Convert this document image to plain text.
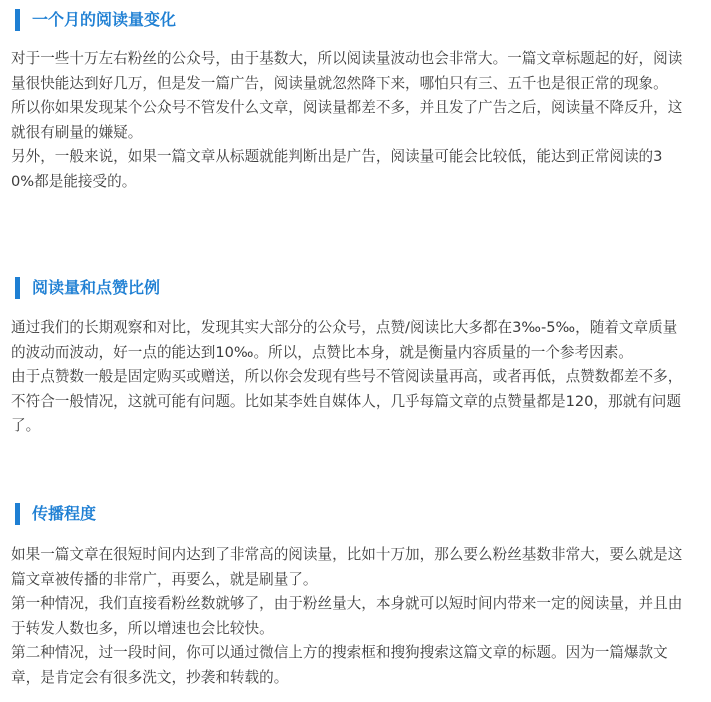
一个月的阅读量变化

对于一些十万左右粉丝的公众号，由于基数大，所以阅读量波动也会非常大。一篇文章标题起的好，阅读量很快能达到好几万，但是发一篇广告，阅读量就忽然降下来，哪怕只有三、五千也是很正常的现象。

所以你如果发现某个公众号不管发什么文章，阅读量都差不多，并且发了广告之后，阅读量不降反升，这就很有刷量的嫌疑。

另外，一般来说，如果一篇文章从标题就能判断出是广告，阅读量可能会比较低，能达到正常阅读的30%都是能接受的。

阅读量和点赞比例

通过我们的长期观察和对比，发现其实大部分的公众号，点赞/阅读比大多都在3‰-5‰，随着文章质量的波动而波动，好一点的能达到10‰。所以，点赞比本身，就是衡量内容质量的一个参考因素。

由于点赞数一般是固定购买或赠送，所以你会发现有些号不管阅读量再高，或者再低，点赞数都差不多，不符合一般情况，这就可能有问题。比如某李姓自媒体人，几乎每篇文章的点赞量都是120，那就有问题了。

传播程度

如果一篇文章在很短时间内达到了非常高的阅读量，比如十万加，那么要么粉丝基数非常大，要么就是这篇文章被传播的非常广，再要么，就是刷量了。

第一种情况，我们直接看粉丝数就够了，由于粉丝量大，本身就可以短时间内带来一定的阅读量，并且由于转发人数也多，所以增速也会比较快。

第二种情况，过一段时间，你可以通过微信上方的搜索框和搜狗搜索这篇文章的标题。因为一篇爆款文章，是肯定会有很多洗文，抄袭和转载的。
